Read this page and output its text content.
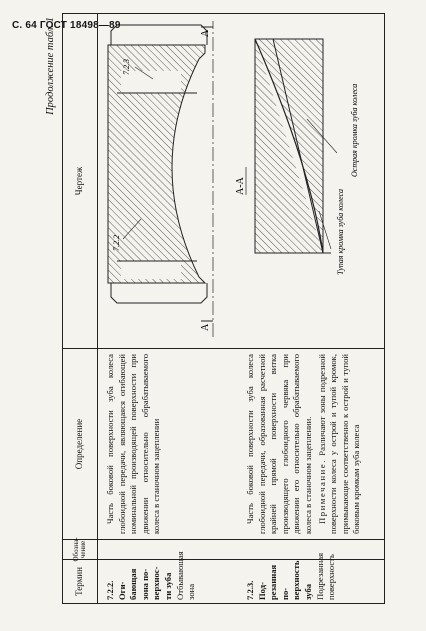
С. 64 ГОСТ 18498—89
Продолжение табл. 1
Термин
Обозна-чение
Определение
Чертеж
7.2.2. Оги-бающая зона по-верхнос-ти зуба Отбывающая зона
Часть боковой поверхности зуба колеса глобоидной передачи, являющаяся огибающей номинальной производящей поверхности при движении относительно обрабатываемого колеса в станочном зацеплении
7.2.3. Под-резанная по-верхность зуба Подрезанная поверхность
Часть боковой поверхности зуба колеса глобоидной передачи, образованная расчетной крайней прямой поверхности витка производящего глобоидного червяка при движении его относительно обрабатываемого колеса в станочном зацеплении. Примечание. Различают зоны подрезной поверхности колеса у острой и тупой кромок, примыкающие соответственно к острой и тупой боковым кромкам зуба колеса
А
А
7.2.2
7.2.3
А-А
Тупая кромка зуба колеса
Острая кромка зуба колеса
